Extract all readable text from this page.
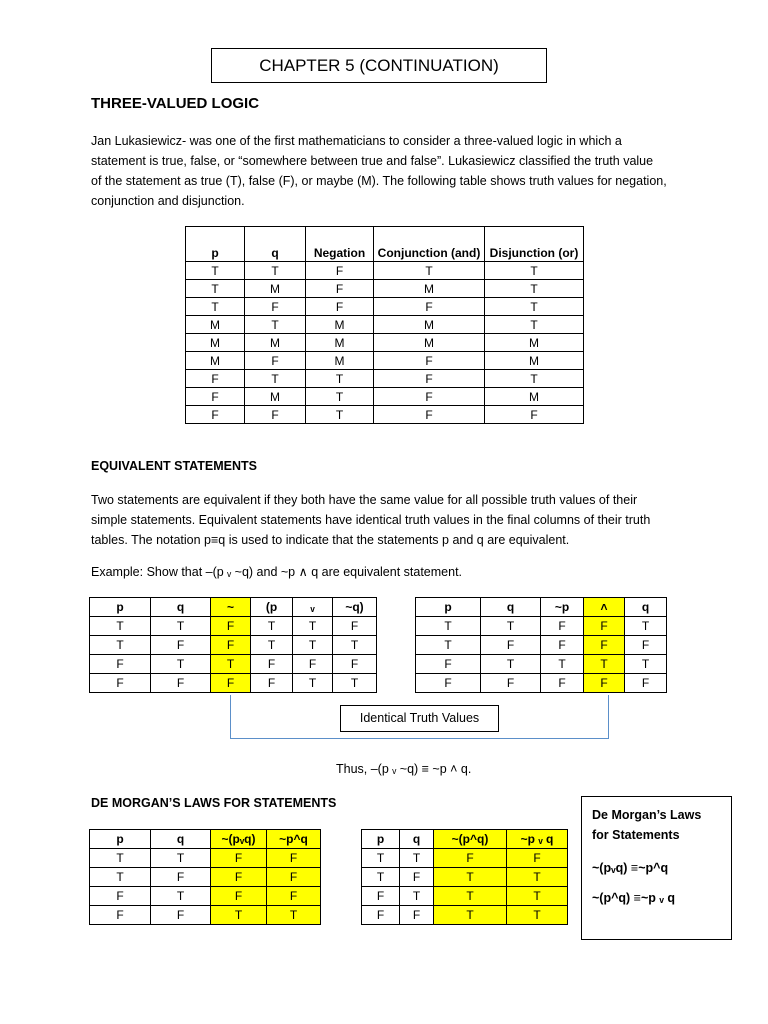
CHAPTER 5 (CONTINUATION)
THREE-VALUED LOGIC

Jan Lukasiewicz- was one of the first mathematicians to consider a three-valued logic in which a

statement is true, false, or “somewhere between true and false”. Lukasiewicz classified the truth value

of the statement as true (T), false (F), or maybe (M). The following table shows truth values for negation,

conjunction and disjunction.

p	q	Negation	Conjunction (and)	Disjunction (or)
T	T	F	T	T
T	M	F	M	T
T	F	F	F	T
M	T	M	M	T
M	M	M	M	M
M	F	M	F	M
F	T	T	F	T
F	M	T	F	M
F	F	T	F	F
EQUIVALENT STATEMENTS

Two statements are equivalent if they both have the same value for all possible truth values of their

simple statements. Equivalent statements have identical truth values in the final columns of their truth

tables. The notation p≡q is used to indicate that the statements p and q are equivalent.

Example: Show that –(p ᵥ ~q) and ~p ∧ q are equivalent statement.
p	q	~	(p	ᵥ	~q)
T	T	F	T	T	F
T	F	F	T	T	T
F	T	T	F	F	F
F	F	F	F	T	T
p	q	~p	˄	q
T	T	F	F	T
T	F	F	F	F
F	T	T	T	T
F	F	F	F	F
Identical Truth Values
Thus, –(p ᵥ ~q) ≡ ~p ˄ q.
DE MORGAN’S LAWS FOR STATEMENTS
p	q	~(pᵥq)	~p^q
T	T	F	F
T	F	F	F
F	T	F	F
F	F	T	T
p	q	~(p^q)	~p ᵥ q
T	T	F	F
T	F	T	T
F	T	T	T
F	F	T	T
De Morgan’s Laws
for Statements
~(pᵥq) ≡~p^q
~(p^q) ≡~p ᵥ q
